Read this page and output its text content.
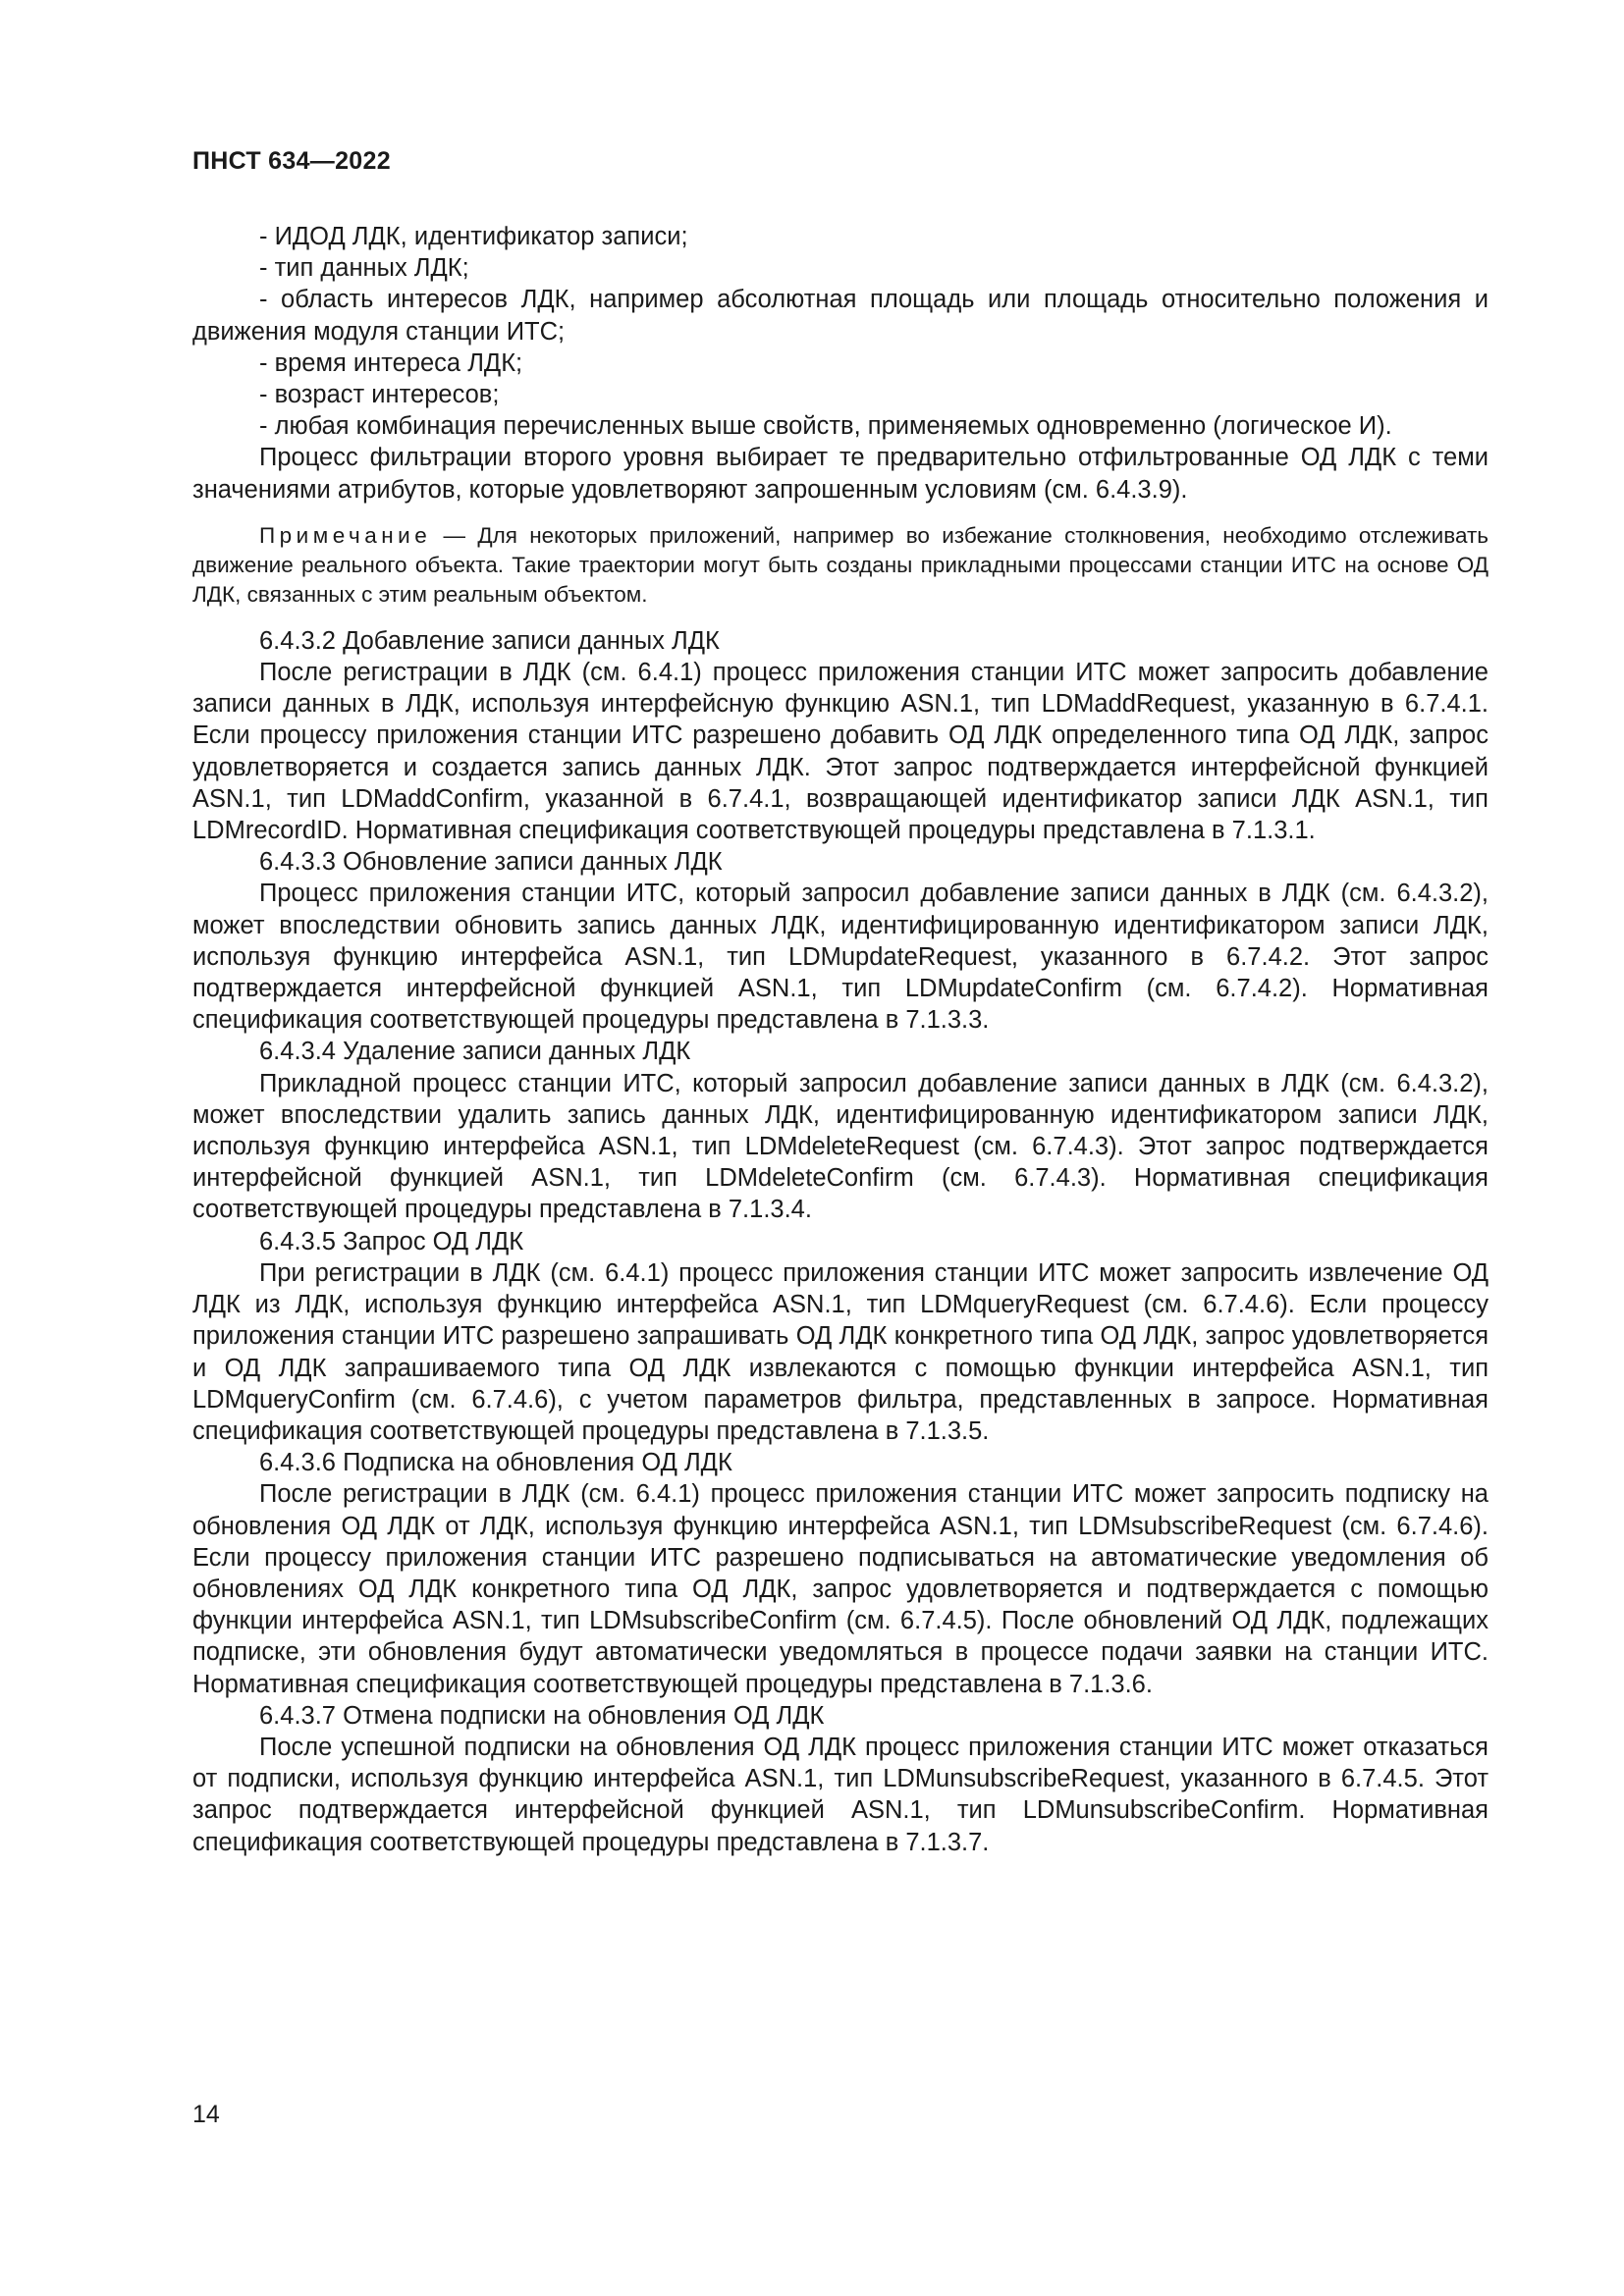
ПНСТ 634—2022

- ИДОД ЛДК, идентификатор записи;

- тип данных ЛДК;

- область интересов ЛДК, например абсолютная площадь или площадь относительно положения и движения модуля станции ИТС;

- время интереса ЛДК;

- возраст интересов;

- любая комбинация перечисленных выше свойств, применяемых одновременно (логическое И).

Процесс фильтрации второго уровня выбирает те предварительно отфильтрованные ОД ЛДК с теми значениями атрибутов, которые удовлетворяют запрошенным условиям (см. 6.4.3.9).

Примечание — Для некоторых приложений, например во избежание столкновения, необходимо отслеживать движение реального объекта. Такие траектории могут быть созданы прикладными процессами станции ИТС на основе ОД ЛДК, связанных с этим реальным объектом.

6.4.3.2 Добавление записи данных ЛДК

После регистрации в ЛДК (см. 6.4.1) процесс приложения станции ИТС может запросить добавление записи данных в ЛДК, используя интерфейсную функцию ASN.1, тип LDMaddRequest, указанную в 6.7.4.1. Если процессу приложения станции ИТС разрешено добавить ОД ЛДК определенного типа ОД ЛДК, запрос удовлетворяется и создается запись данных ЛДК. Этот запрос подтверждается интерфейсной функцией ASN.1, тип LDMaddConfirm, указанной в 6.7.4.1, возвращающей идентификатор записи ЛДК ASN.1, тип LDMrecordID. Нормативная спецификация соответствующей процедуры представлена в 7.1.3.1.

6.4.3.3 Обновление записи данных ЛДК

Процесс приложения станции ИТС, который запросил добавление записи данных в ЛДК (см. 6.4.3.2), может впоследствии обновить запись данных ЛДК, идентифицированную идентификатором записи ЛДК, используя функцию интерфейса ASN.1, тип LDMupdateRequest, указанного в 6.7.4.2. Этот запрос подтверждается интерфейсной функцией ASN.1, тип LDMupdateConfirm (см. 6.7.4.2). Нормативная спецификация соответствующей процедуры представлена в 7.1.3.3.

6.4.3.4 Удаление записи данных ЛДК

Прикладной процесс станции ИТС, который запросил добавление записи данных в ЛДК (см. 6.4.3.2), может впоследствии удалить запись данных ЛДК, идентифицированную идентификатором записи ЛДК, используя функцию интерфейса ASN.1, тип LDMdeleteRequest (см. 6.7.4.3). Этот запрос подтверждается интерфейсной функцией ASN.1, тип LDMdeleteConfirm (см. 6.7.4.3). Нормативная спецификация соответствующей процедуры представлена в 7.1.3.4.

6.4.3.5 Запрос ОД ЛДК

При регистрации в ЛДК (см. 6.4.1) процесс приложения станции ИТС может запросить извлечение ОД ЛДК из ЛДК, используя функцию интерфейса ASN.1, тип LDMqueryRequest (см. 6.7.4.6). Если процессу приложения станции ИТС разрешено запрашивать ОД ЛДК конкретного типа ОД ЛДК, запрос удовлетворяется и ОД ЛДК запрашиваемого типа ОД ЛДК извлекаются с помощью функции интерфейса ASN.1, тип LDMqueryConfirm (см. 6.7.4.6), с учетом параметров фильтра, представленных в запросе. Нормативная спецификация соответствующей процедуры представлена в 7.1.3.5.

6.4.3.6 Подписка на обновления ОД ЛДК

После регистрации в ЛДК (см. 6.4.1) процесс приложения станции ИТС может запросить подписку на обновления ОД ЛДК от ЛДК, используя функцию интерфейса ASN.1, тип LDMsubscribeRequest (см. 6.7.4.6). Если процессу приложения станции ИТС разрешено подписываться на автоматические уведомления об обновлениях ОД ЛДК конкретного типа ОД ЛДК, запрос удовлетворяется и подтверждается с помощью функции интерфейса ASN.1, тип LDMsubscribeConfirm (см. 6.7.4.5). После обновлений ОД ЛДК, подлежащих подписке, эти обновления будут автоматически уведомляться в процессе подачи заявки на станции ИТС. Нормативная спецификация соответствующей процедуры представлена в 7.1.3.6.

6.4.3.7 Отмена подписки на обновления ОД ЛДК

После успешной подписки на обновления ОД ЛДК процесс приложения станции ИТС может отказаться от подписки, используя функцию интерфейса ASN.1, тип LDMunsubscribeRequest, указанного в 6.7.4.5. Этот запрос подтверждается интерфейсной функцией ASN.1, тип LDMunsubscribeConfirm. Нормативная спецификация соответствующей процедуры представлена в 7.1.3.7.

14
